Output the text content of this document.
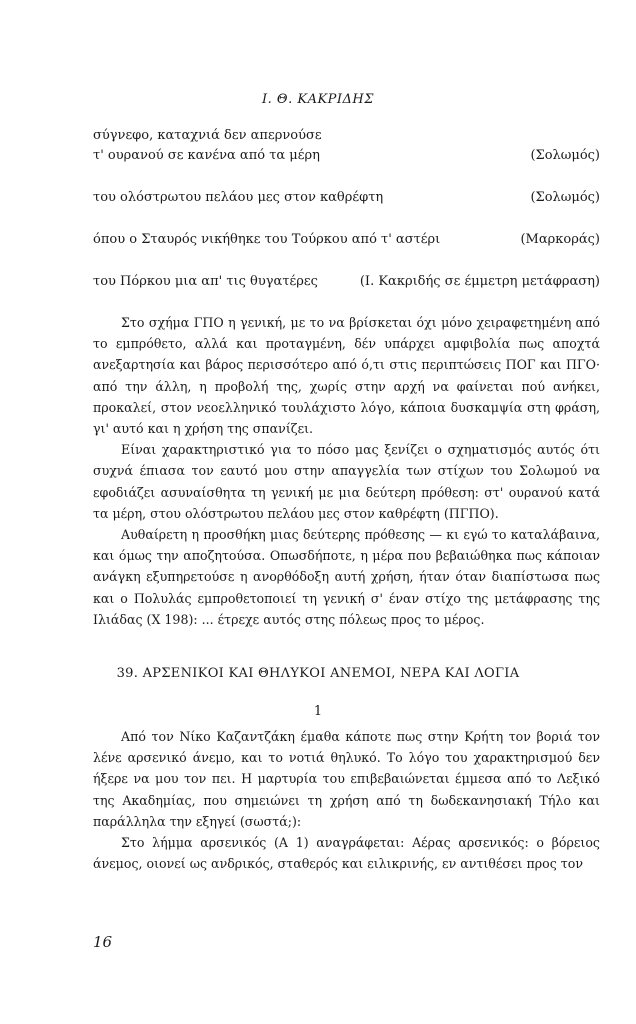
Ι. Θ. ΚΑΚΡΙΔΗΣ
σύγνεφο, καταχνιά δεν απερνούσε
τ' ουρανού σε κανένα από τα μέρη	(Σολωμός)
του ολόστρωτου πελάου μες στον καθρέφτη	(Σολωμός)
όπου ο Σταυρός νικήθηκε του Τούρκου από τ' αστέρι	(Μαρκοράς)
του Πόρκου μια απ' τις θυγατέρες	(Ι. Κακριδής σε έμμετρη μετάφραση)

Στο σχήμα ΓΠΟ η γενική, με το να βρίσκεται όχι μόνο χειραφετημένη από το εμπρόθετο, αλλά και προταγμένη, δέν υπάρχει αμφιβολία πως αποχτά ανεξαρτησία και βάρος περισσότερο από ό,τι στις περιπτώσεις ΠΟΓ και ΠΓΟ· από την άλλη, η προβολή της, χωρίς στην αρχή να φαίνεται πού ανήκει, προκαλεί, στον νεοελληνικό τουλάχιστο λόγο, κάποια δυσκαμψία στη φράση, γι' αυτό και η χρήση της σπανίζει.

Είναι χαρακτηριστικό για το πόσο μας ξενίζει ο σχηματισμός αυτός ότι συχνά έπιασα τον εαυτό μου στην απαγγελία των στίχων του Σολωμού να εφοδιάζει ασυναίσθητα τη γενική με μια δεύτερη πρόθεση: στ' ουρανού κατά τα μέρη, στου ολόστρωτου πελάου μες στον καθρέφτη (ΠΓΠΟ).

Αυθαίρετη η προσθήκη μιας δεύτερης πρόθεσης — κι εγώ το καταλάβαινα, και όμως την αποζητούσα. Οπωσδήποτε, η μέρα που βεβαιώθηκα πως κάποιαν ανάγκη εξυπηρετούσε η ανορθόδοξη αυτή χρήση, ήταν όταν διαπίστωσα πως και ο Πολυλάς εμπροθετοποιεί τη γενική σ' έναν στίχο της μετάφρασης της Ιλιάδας (Χ 198): ... έτρεχε αυτός στης πόλεως προς το μέρος.

39. ΑΡΣΕΝΙΚΟΙ ΚΑΙ ΘΗΛΥΚΟΙ ΑΝΕΜΟΙ, ΝΕΡΑ ΚΑΙ ΛΟΓΙΑ
1

Από τον Νίκο Καζαντζάκη έμαθα κάποτε πως στην Κρήτη τον βοριά τον λένε αρσενικό άνεμο, και το νοτιά θηλυκό. Το λόγο του χαρακτηρισμού δεν ήξερε να μου τον πει. Η μαρτυρία του επιβεβαιώνεται έμμεσα από το Λεξικό της Ακαδημίας, που σημειώνει τη χρήση από τη δωδεκανησιακή Τήλο και παράλληλα την εξηγεί (σωστά;):

Στο λήμμα αρσενικός (Α 1) αναγράφεται: Αέρας αρσενικός: ο βόρειος άνεμος, οιονεί ως ανδρικός, σταθερός και ειλικρινής, εν αντιθέσει προς τον

16
